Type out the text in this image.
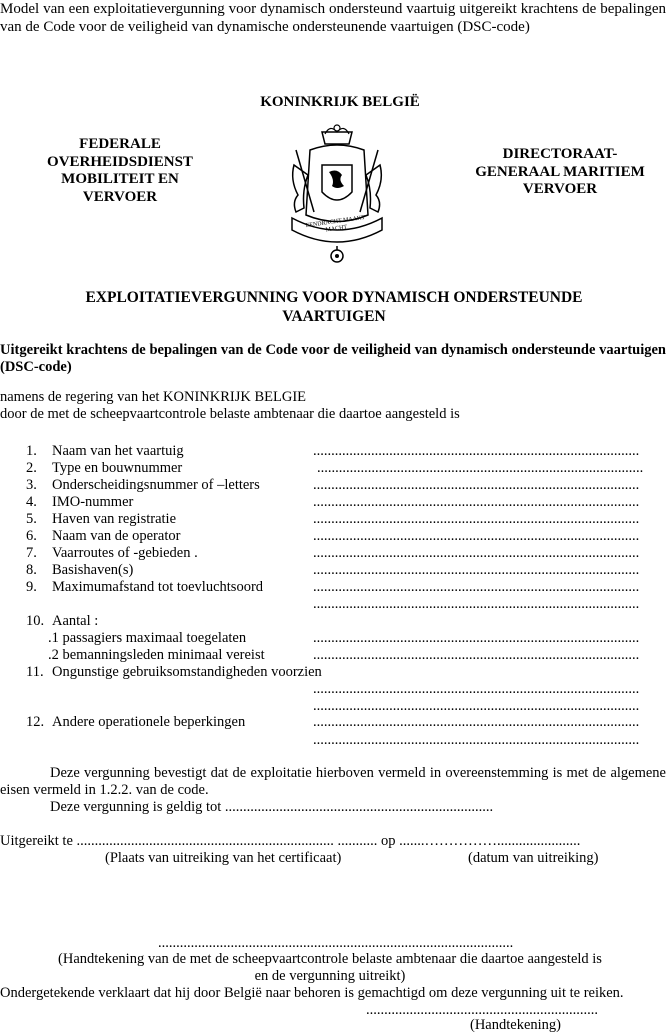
Model van een exploitatievergunning voor dynamisch ondersteund vaartuig uitgereikt krachtens de bepalingen van de Code voor de veiligheid van dynamische ondersteunende vaartuigen (DSC-code)
KONINKRIJK BELGIË
FEDERALE
OVERHEIDSDIENST
MOBILITEIT EN
VERVOER
DIRECTORAAT-
GENERAAL MARITIEM
VERVOER
EENDRACHT MAAKT MACHT
EXPLOITATIEVERGUNNING VOOR DYNAMISCH ONDERSTEUNDE
VAARTUIGEN
Uitgereikt krachtens de bepalingen van de Code voor de veiligheid van dynamisch ondersteunde vaartuigen (DSC-code)
namens de regering van het KONINKRIJK BELGIE
door de met de scheepvaartcontrole belaste ambtenaar die daartoe aangesteld is
1.	Naam van het vaartuig	..........................................................................................
2.	Type en bouwnummer	..........................................................................................
3.	Onderscheidingsnummer of –letters	..........................................................................................
4.	IMO-nummer	..........................................................................................
5.	Haven van registratie	..........................................................................................
6.	Naam van de operator	..........................................................................................
7.	Vaarroutes of -gebieden .	..........................................................................................
8.	Basishaven(s)	..........................................................................................
9.	Maximumafstand tot toevluchtsoord	..........................................................................................
..........................................................................................
10. Aantal :
.1 passagiers maximaal toegelaten	..........................................................................................
.2 bemanningsleden minimaal vereist	..........................................................................................
11. Ongunstige gebruiksomstandigheden voorzien
..........................................................................................
..........................................................................................
12. Andere operationele beperkingen	..........................................................................................
..........................................................................................
Deze vergunning bevestigt dat de exploitatie hierboven vermeld in overeenstemming is met de algemene eisen vermeld in 1.2.2. van de code.
Deze vergunning is geldig tot ..........................................................................
Uitgereikt te ....................................................................... ........... op .......…………….......................
(Plaats van uitreiking van het certificaat)	(datum van uitreiking)
..................................................................................................
(Handtekening van de met de scheepvaartcontrole belaste ambtenaar die daartoe aangesteld is
en de vergunning uitreikt)
Ondergetekende verklaart dat hij door België naar behoren is gemachtigd om deze vergunning uit te reiken.
................................................................
(Handtekening)
